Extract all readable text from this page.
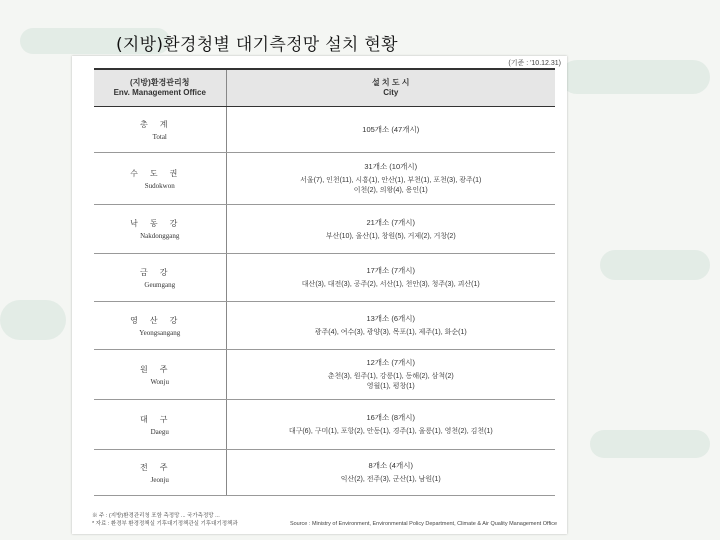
(지방)환경청별 대기측정망 설치 현황
(기준 : '10.12.31)
(지방)환경관리청
Env. Management Office	설 치 도 시
City

총계
Total	105개소 (47개시)

수도권
Sudokwon	31개소 (10개시)
서울(7), 인천(11), 시흥(1), 안산(1), 부천(1), 포천(3), 광주(1)
이천(2), 의왕(4), 용인(1)

낙동강
Nakdonggang	21개소 (7개시)
부산(10), 울산(1), 창원(5), 거제(2), 거창(2)

금강
Geumgang	17개소 (7개시)
대산(3), 대전(3), 공주(2), 서산(1), 천안(3), 청주(3), 괴산(1)

영산강
Yeongsangang	13개소 (6개시)
광주(4), 여수(3), 광양(3), 목포(1), 제주(1), 화순(1)

원주
Wonju	12개소 (7개시)
춘천(3), 원주(1), 강릉(1), 동해(2), 삼척(2)
영월(1), 평창(1)

대구
Daegu	16개소 (8개시)
대구(6), 구미(1), 포항(2), 안동(1), 경주(1), 울릉(1), 영천(2), 김천(1)

전주
Jeonju	8개소 (4개시)
익산(2), 전주(3), 군산(1), 남원(1)
※ 주 : (지방)환경관리청 포함 측정망 ... 국가측정망 ...
* 자료 : 환경부 환경정책실 기후대기정책관실 기후대기정책과	Source : Ministry of Environment, Environmental Policy Department, Climate & Air Quality Management Office
